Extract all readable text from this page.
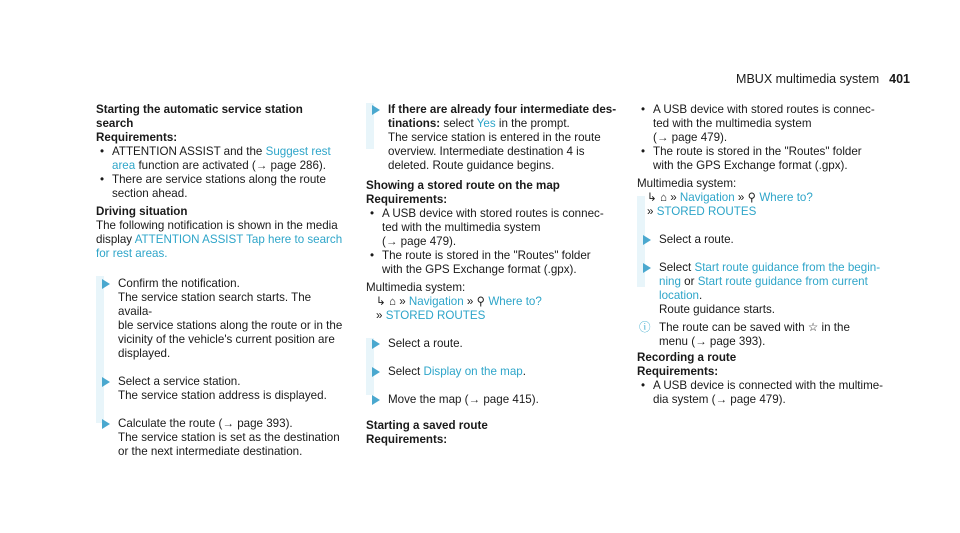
MBUX multimedia system 401

Starting the automatic service station
search

Requirements:

• ATTENTION ASSIST and the Suggest rest
area function are activated (→ page 286).

• There are service stations along the route
section ahead.

Driving situation

The following notification is shown in the media
display ATTENTION ASSIST Tap here to search
for rest areas.

Confirm the notification.
The service station search starts. The availa-
ble service stations along the route or in the
vicinity of the vehicle's current position are
displayed.

Select a service station.
The service station address is displayed.

Calculate the route (→ page 393).
The service station is set as the destination
or the next intermediate destination.

If there are already four intermediate des-
tinations: select Yes in the prompt.
The service station is entered in the route
overview. Intermediate destination 4 is
deleted. Route guidance begins.

Showing a stored route on the map

Requirements:

• A USB device with stored routes is connec-
ted with the multimedia system
(→ page 479).

• The route is stored in the "Routes" folder
with the GPS Exchange format (.gpx).

Multimedia system:

↳ ⌂ » Navigation » ⚲ Where to?
» STORED ROUTES

Select a route.

Select Display on the map.

Move the map (→ page 415).

Starting a saved route

Requirements:

• A USB device with stored routes is connec-
ted with the multimedia system
(→ page 479).

• The route is stored in the "Routes" folder
with the GPS Exchange format (.gpx).

Multimedia system:

↳ ⌂ » Navigation » ⚲ Where to?
» STORED ROUTES

Select a route.

Select Start route guidance from the begin-
ning or Start route guidance from current
location.
Route guidance starts.

ⓘ The route can be saved with ☆ in the
menu (→ page 393).

Recording a route

Requirements:

• A USB device is connected with the multime-
dia system (→ page 479).
